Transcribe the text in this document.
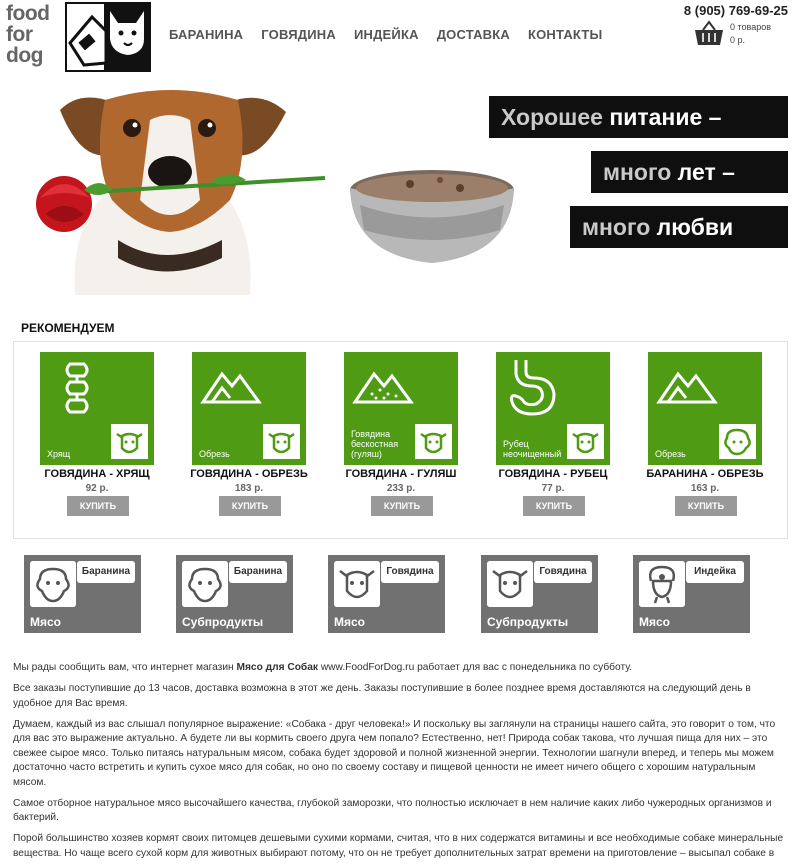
food
for
dog
БАРАНИНА ГОВЯДИНА ИНДЕЙКА ДОСТАВКА КОНТАКТЫ
8 (905) 769-69-25
0 товаров
0 р.
Хорошее питание –
много лет –
много любви
РЕКОМЕНДУЕМ
Хрящ
ГОВЯДИНА - ХРЯЩ
92 р.
КУПИТЬ
Обрезь
ГОВЯДИНА - ОБРЕЗЬ
183 р.
КУПИТЬ
Говядина бескостная (гуляш)
ГОВЯДИНА - ГУЛЯШ
233 р.
КУПИТЬ
Рубец неочищенный
ГОВЯДИНА - РУБЕЦ
77 р.
КУПИТЬ
Обрезь
БАРАНИНА - ОБРЕЗЬ
163 р.
КУПИТЬ
Баранина
Мясо
Баранина
Субпродукты
Говядина
Мясо
Говядина
Субпродукты
Индейка
Мясо

Мы рады сообщить вам, что интернет магазин Мясо для Собак www.FoodForDog.ru работает для вас с понедельника по субботу.

Все заказы поступившие до 13 часов, доставка возможна в этот же день. Заказы поступившие в более позднее время доставляются на следующий день в удобное для Вас время.

Думаем, каждый из вас слышал популярное выражение: «Собака - друг человека!» И поскольку вы заглянули на страницы нашего сайта, это говорит о том, что для вас это выражение актуально. А будете ли вы кормить своего друга чем попало? Естественно, нет! Природа собак такова, что лучшая пища для них – это свежее сырое мясо. Только питаясь натуральным мясом, собака будет здоровой и полной жизненной энергии. Технологии шагнули вперед, и теперь мы можем достаточно часто встретить и купить сухое мясо для собак, но оно по своему составу и пищевой ценности не имеет ничего общего с хорошим натуральным мясом.

Самое отборное натуральное мясо высочайшего качества, глубокой заморозки, что полностью исключает в нем наличие каких либо чужеродных организмов и бактерий.

Порой большинство хозяев кормят своих питомцев дешевыми сухими кормами, считая, что в них содержатся витамины и все необходимые собаке минеральные вещества. Но чаще всего сухой корм для животных выбирают потому, что он не требует дополнительных затрат времени на приготовление – высыпал собаке в
